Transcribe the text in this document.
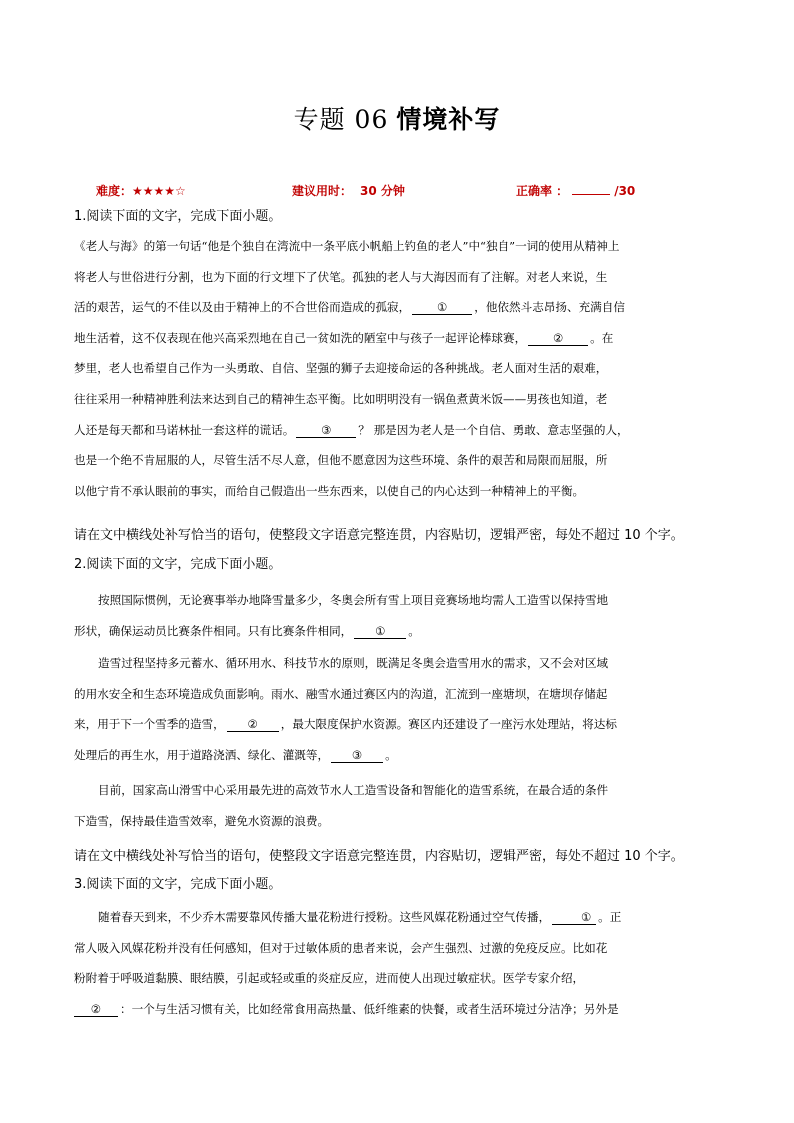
专题 06 情境补写
难度：★★★★☆	建议用时： 30 分钟	正确率 ：	/30
1.阅读下面的文字，完成下面小题。
《老人与海》的第一句话“他是个独自在湾流中一条平底小帆船上钓鱼的老人”中“独自”一词的使用从精神上
将老人与世俗进行分割，也为下面的行文埋下了伏笔。孤独的老人与大海因而有了注解。对老人来说，生
活的艰苦，运气的不佳以及由于精神上的不合世俗而造成的孤寂， ① ，他依然斗志昂扬、充满自信
地生活着，这不仅表现在他兴高采烈地在自己一贫如洗的陋室中与孩子一起评论棒球赛， ② 。在
梦里，老人也希望自己作为一头勇敢、自信、坚强的狮子去迎接命运的各种挑战。老人面对生活的艰难，
往往采用一种精神胜利法来达到自己的精神生态平衡。比如明明没有一锅鱼煮黄米饭——男孩也知道，老
人还是每天都和马诺林扯一套这样的谎话。 ③ ？ 那是因为老人是一个自信、勇敢、意志坚强的人，
也是一个绝不肯屈服的人，尽管生活不尽人意，但他不愿意因为这些环境、条件的艰苦和局限而屈服，所
以他宁肯不承认眼前的事实，而给自己假造出一些东西来，以使自己的内心达到一种精神上的平衡。
请在文中横线处补写恰当的语句，使整段文字语意完整连贯，内容贴切，逻辑严密，每处不超过 10 个字。
2.阅读下面的文字，完成下面小题。
按照国际惯例，无论赛事举办地降雪量多少，冬奥会所有雪上项目竞赛场地均需人工造雪以保持雪地
形状，确保运动员比赛条件相同。只有比赛条件相同， ① 。
造雪过程坚持多元蓄水、循环用水、科技节水的原则，既满足冬奥会造雪用水的需求，又不会对区域
的用水安全和生态环境造成负面影响。雨水、融雪水通过赛区内的沟道，汇流到一座塘坝，在塘坝存储起
来，用于下一个雪季的造雪， ② ，最大限度保护水资源。赛区内还建设了一座污水处理站，将达标
处理后的再生水，用于道路浇洒、绿化、灌溉等， ③ 。
目前，国家高山滑雪中心采用最先进的高效节水人工造雪设备和智能化的造雪系统，在最合适的条件
下造雪，保持最佳造雪效率，避免水资源的浪费。
请在文中横线处补写恰当的语句，使整段文字语意完整连贯，内容贴切，逻辑严密，每处不超过 10 个字。
3.阅读下面的文字，完成下面小题。
随着春天到来，不少乔木需要靠风传播大量花粉进行授粉。这些风媒花粉通过空气传播，	① 。正
常人吸入风媒花粉并没有任何感知，但对于过敏体质的患者来说，会产生强烈、过激的免疫反应。比如花
粉附着于呼吸道黏膜、眼结膜，引起或轻或重的炎症反应，进而使人出现过敏症状。医学专家介绍，
② ：一个与生活习惯有关，比如经常食用高热量、低纤维素的快餐，或者生活环境过分洁净；另外是
